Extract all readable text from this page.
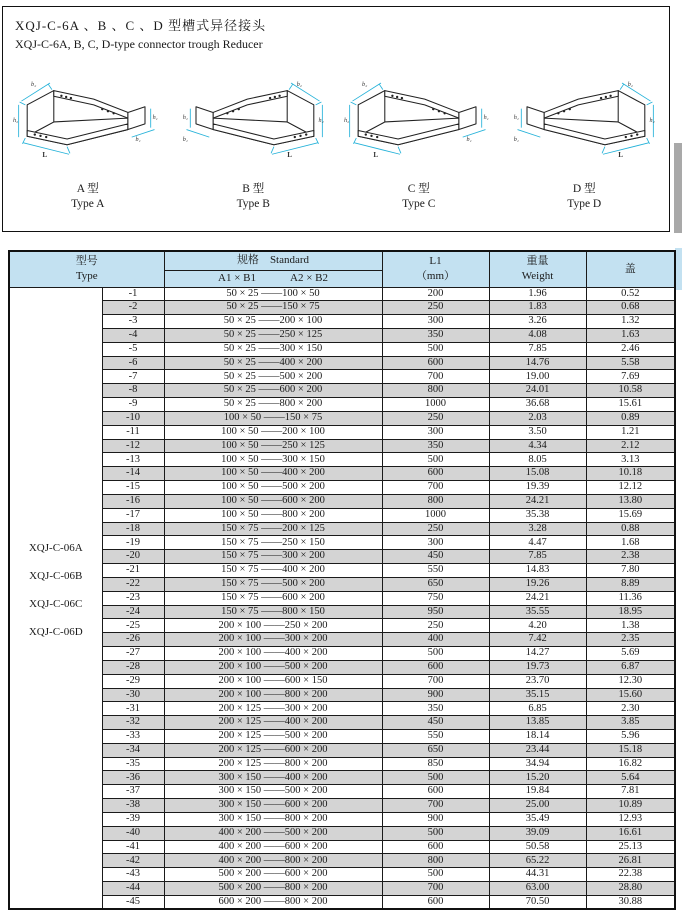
XQJ-C-6A 、B 、C 、D 型槽式异径接头
XQJ-C-6A, B, C, D-type connector trough Reducer
b₂
h₂
L
b₁
h₁
A 型
Type A
b₂
h₂
L
b₁
h₁
B 型
Type B
b₂
h₂
L
b₁
h₁
C 型
Type C
b₂
h₂
L
b₁
h₁
D 型
Type D
型号
Type
	规格 Standard	L1
（mm）

重量
Weight
	盖

		A1 × B1 A2 × B2			

XQJ-C-06A
XQJ-C-06B
XQJ-C-06C
XQJ-C-06D	-1	50 × 25 ——100 × 50	200	1.96	0.52
	-2	50 × 25 ——150 × 75	250	1.83	0.68
	-3	50 × 25 ——200 × 100	300	3.26	1.32
	-4	50 × 25 ——250 × 125	350	4.08	1.63
	-5	50 × 25 ——300 × 150	500	7.85	2.46
	-6	50 × 25 ——400 × 200	600	14.76	5.58
	-7	50 × 25 ——500 × 200	700	19.00	7.69
	-8	50 × 25 ——600 × 200	800	24.01	10.58
	-9	50 × 25 ——800 × 200	1000	36.68	15.61
	-10	100 × 50 ——150 × 75	250	2.03	0.89
	-11	100 × 50 ——200 × 100	300	3.50	1.21
	-12	100 × 50 ——250 × 125	350	4.34	2.12
	-13	100 × 50 ——300 × 150	500	8.05	3.13
	-14	100 × 50 ——400 × 200	600	15.08	10.18
	-15	100 × 50 ——500 × 200	700	19.39	12.12
	-16	100 × 50 ——600 × 200	800	24.21	13.80
	-17	100 × 50 ——800 × 200	1000	35.38	15.69
	-18	150 × 75 ——200 × 125	250	3.28	0.88
	-19	150 × 75 ——250 × 150	300	4.47	1.68
	-20	150 × 75 ——300 × 200	450	7.85	2.38
	-21	150 × 75 ——400 × 200	550	14.83	7.80
	-22	150 × 75 ——500 × 200	650	19.26	8.89
	-23	150 × 75 ——600 × 200	750	24.21	11.36
	-24	150 × 75 ——800 × 150	950	35.55	18.95
	-25	200 × 100 ——250 × 200	250	4.20	1.38
	-26	200 × 100 ——300 × 200	400	7.42	2.35
	-27	200 × 100 ——400 × 200	500	14.27	5.69
	-28	200 × 100 ——500 × 200	600	19.73	6.87
	-29	200 × 100 ——600 × 150	700	23.70	12.30
	-30	200 × 100 ——800 × 200	900	35.15	15.60
	-31	200 × 125 ——300 × 200	350	6.85	2.30
	-32	200 × 125 ——400 × 200	450	13.85	3.85
	-33	200 × 125 ——500 × 200	550	18.14	5.96
	-34	200 × 125 ——600 × 200	650	23.44	15.18
	-35	200 × 125 ——800 × 200	850	34.94	16.82
	-36	300 × 150 ——400 × 200	500	15.20	5.64
	-37	300 × 150 ——500 × 200	600	19.84	7.81
	-38	300 × 150 ——600 × 200	700	25.00	10.89
	-39	300 × 150 ——800 × 200	900	35.49	12.93
	-40	400 × 200 ——500 × 200	500	39.09	16.61
	-41	400 × 200 ——600 × 200	600	50.58	25.13
	-42	400 × 200 ——800 × 200	800	65.22	26.81
	-43	500 × 200 ——600 × 200	500	44.31	22.38
	-44	500 × 200 ——800 × 200	700	63.00	28.80
	-45	600 × 200 ——800 × 200	600	70.50	30.88
